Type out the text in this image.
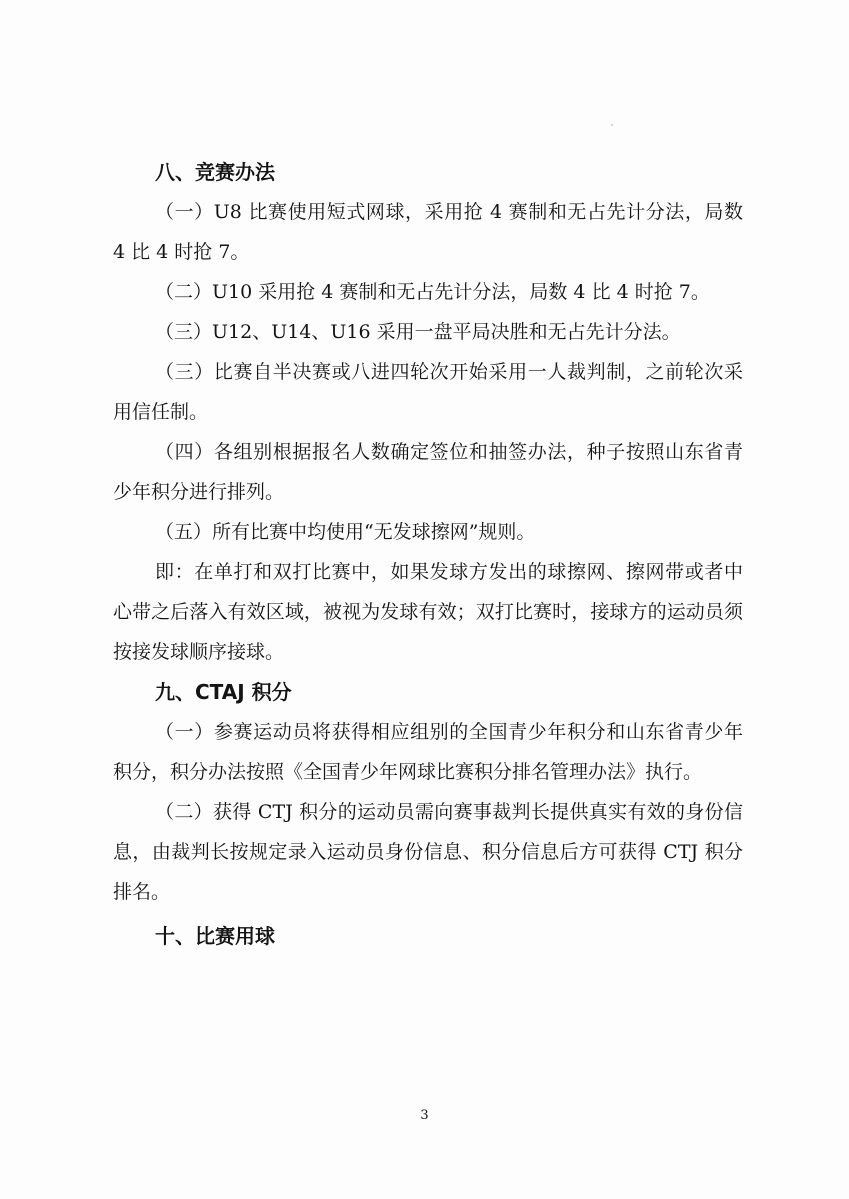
八、竞赛办法

（一）U8 比赛使用短式网球，采用抢 4 赛制和无占先计分法，局数 4 比 4 时抢 7。

（二）U10 采用抢 4 赛制和无占先计分法，局数 4 比 4 时抢 7。

（三）U12、U14、U16 采用一盘平局决胜和无占先计分法。

（三）比赛自半决赛或八进四轮次开始采用一人裁判制，之前轮次采用信任制。

（四）各组别根据报名人数确定签位和抽签办法，种子按照山东省青少年积分进行排列。

（五）所有比赛中均使用“无发球擦网”规则。

即：在单打和双打比赛中，如果发球方发出的球擦网、擦网带或者中心带之后落入有效区域，被视为发球有效；双打比赛时，接球方的运动员须按接发球顺序接球。

九、CTAJ 积分

（一）参赛运动员将获得相应组别的全国青少年积分和山东省青少年积分，积分办法按照《全国青少年网球比赛积分排名管理办法》执行。

（二）获得 CTJ 积分的运动员需向赛事裁判长提供真实有效的身份信息，由裁判长按规定录入运动员身份信息、积分信息后方可获得 CTJ 积分排名。

十、比赛用球
3
